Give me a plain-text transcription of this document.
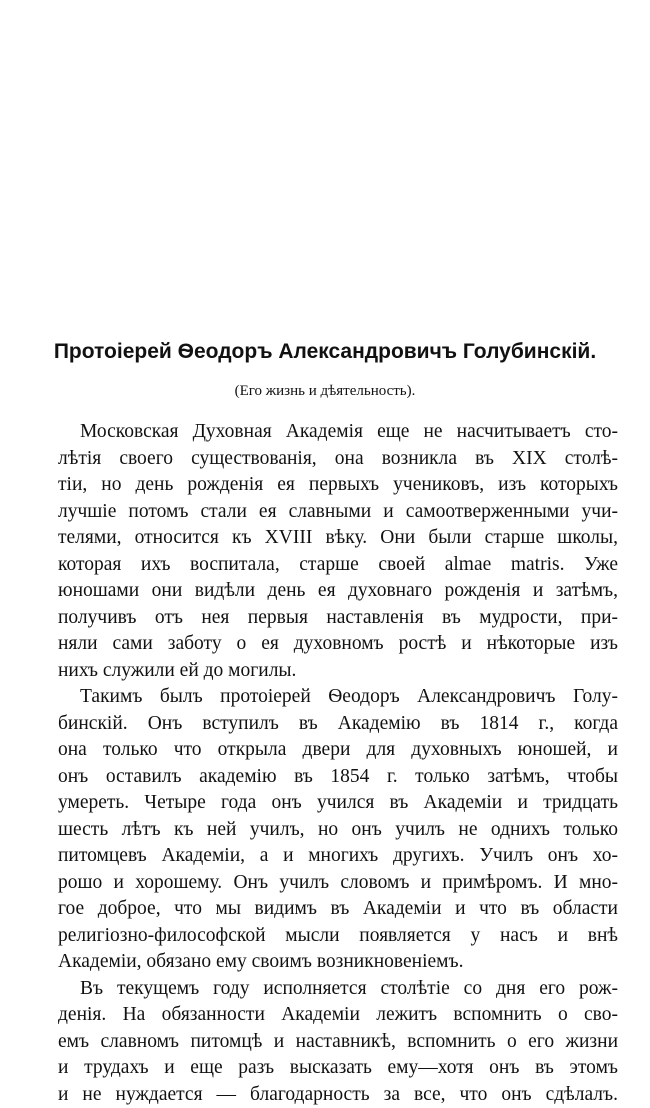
Протоіерей Ѳеодоръ Александровичъ Голубинскій.
(Его жизнь и дѣятельность).
Московская Духовная Академія еще не насчитываетъ сто-
лѣтія своего существованія, она возникла въ XIX столѣ-
тіи, но день рожденія ея первыхъ учениковъ, изъ которыхъ
лучшіе потомъ стали ея славными и самоотверженными учи-
телями, относится къ XVIII вѣку. Они были старше школы,
которая ихъ воспитала, старше своей almae matris. Уже
юношами они видѣли день ея духовнаго рожденія и затѣмъ,
получивъ отъ нея первыя наставленія въ мудрости, при-
няли сами заботу о ея духовномъ ростѣ и нѣкоторые изъ
нихъ служили ей до могилы.
Такимъ былъ протоіерей Ѳеодоръ Александровичъ Голу-
бинскій. Онъ вступилъ въ Академію въ 1814 г., когда
она только что открыла двери для духовныхъ юношей, и
онъ оставилъ академію въ 1854 г. только затѣмъ, чтобы
умереть. Четыре года онъ учился въ Академіи и тридцать
шесть лѣтъ къ ней училъ, но онъ училъ не однихъ только
питомцевъ Академіи, а и многихъ другихъ. Училъ онъ хо-
рошо и хорошему. Онъ училъ словомъ и примѣромъ. И мно-
гое доброе, что мы видимъ въ Академіи и что въ области
религіозно-философской мысли появляется у насъ и внѣ
Академіи, обязано ему своимъ возникновеніемъ.
Въ текущемъ году исполняется столѣтіе со дня его рож-
денія. На обязанности Академіи лежитъ вспомнить о сво-
емъ славномъ питомцѣ и наставникѣ, вспомнить о его жизни
и трудахъ и еще разъ высказать ему—хотя онъ въ этомъ
и не нуждается — благодарность за все, что онъ сдѣлалъ.
